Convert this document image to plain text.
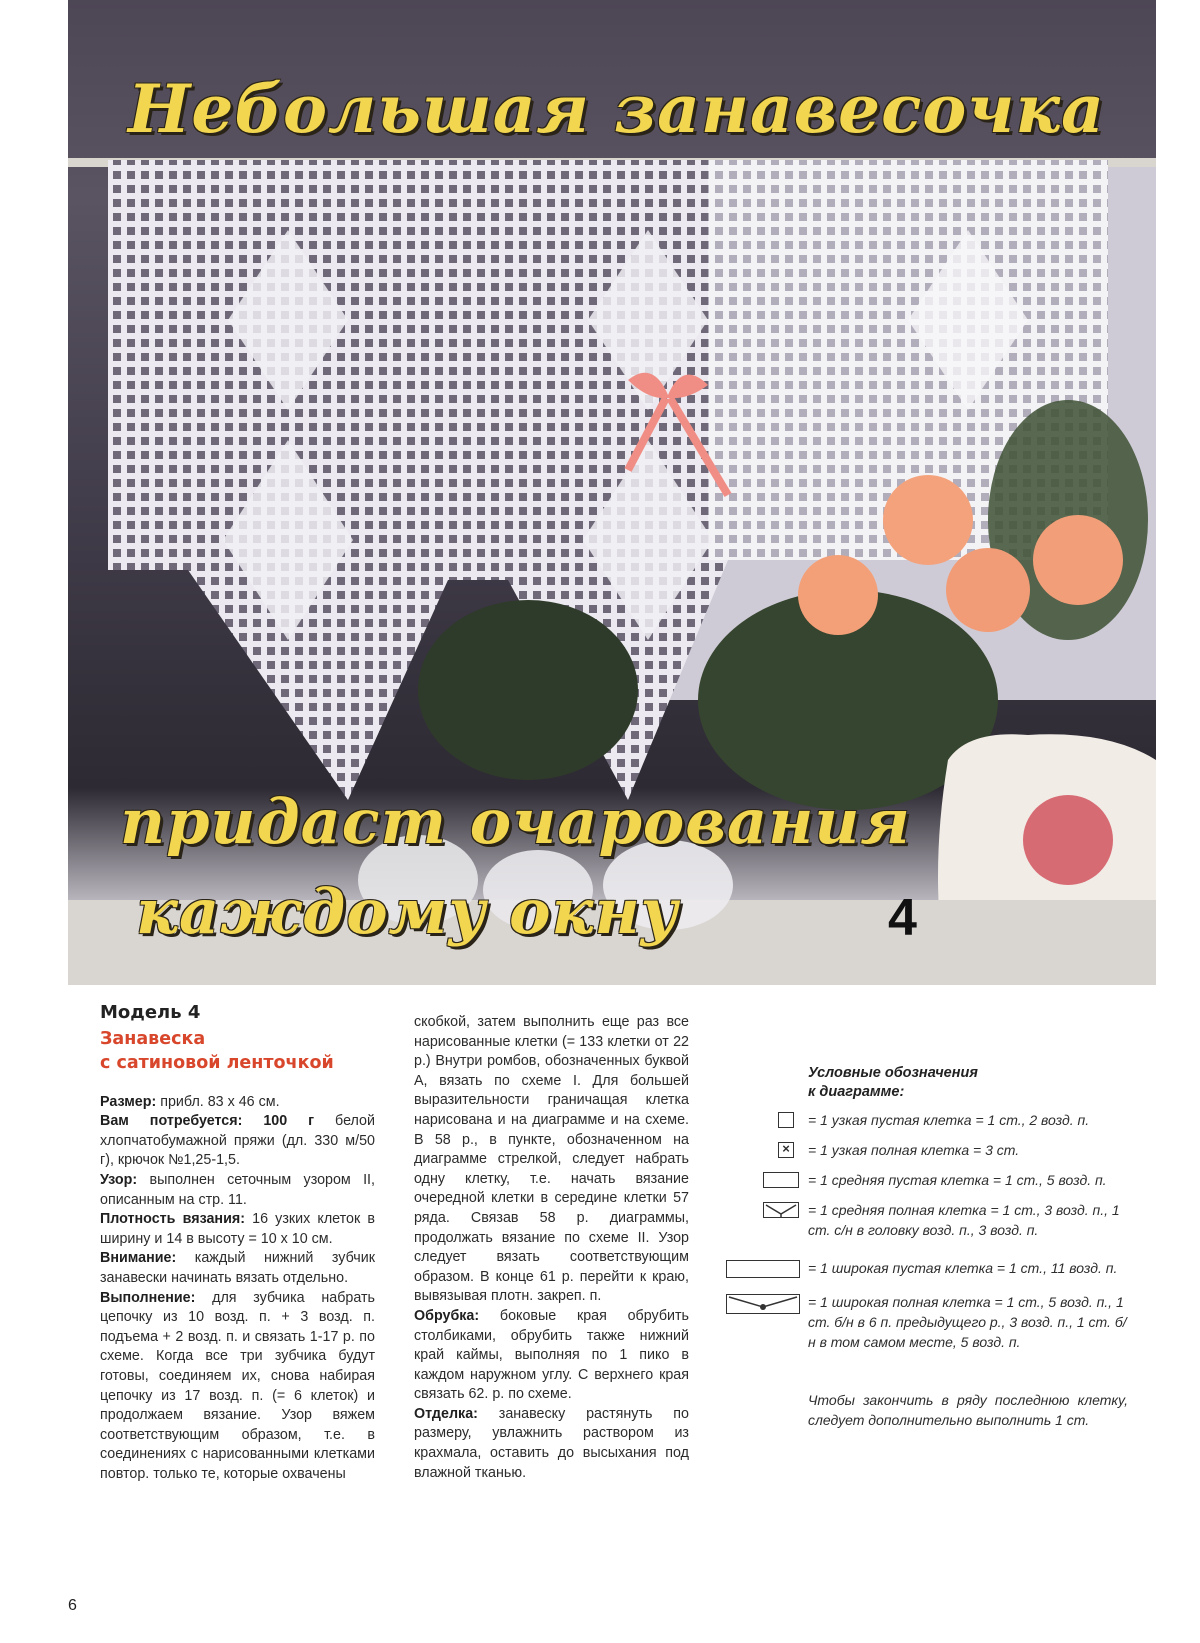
Небольшая занавесочка
придаст очарования
каждому окну	4
Модель 4
Занавеска
с сатиновой ленточкой

Размер: прибл. 83 x 46 см.

Вам потребуется: 100 г белой хлопчатобумажной пряжи (дл. 330 м/50 г), крючок №1,25-1,5.

Узор: выполнен сеточным узором II, описанным на стр. 11.

Плотность вязания: 16 узких клеток в ширину и 14 в высоту = 10 x 10 см.

Внимание: каждый нижний зубчик занавески начинать вязать отдельно.

Выполнение: для зубчика набрать цепочку из 10 возд. п. + 3 возд. п. подъема + 2 возд. п. и связать 1-17 р. по схеме. Когда все три зубчика будут готовы, соединяем их, снова набирая цепочку из 17 возд. п. (= 6 клеток) и продолжаем вязание. Узор вяжем соответствующим образом, т.е. в соединениях с нарисованными клетками повтор. только те, которые охвачены

скобкой, затем выполнить еще раз все нарисованные клетки (= 133 клетки от 22 р.) Внутри ромбов, обозначенных буквой А, вязать по схеме I. Для большей выразительности граничащая клетка нарисована и на диаграмме и на схеме. В 58 р., в пункте, обозначенном на диаграмме стрелкой, следует набрать одну клетку, т.е. начать вязание очередной клетки в середине клетки 57 ряда. Связав 58 р. диаграммы, продолжать вязание по схеме II. Узор следует вязать соответствующим образом. В конце 61 р. перейти к краю, вывязывая плотн. закреп. п.

Обрубка: боковые края обрубить столбиками, обрубить также нижний край каймы, выполняя по 1 пико в каждом наружном углу. С верхнего края связать 62. р. по схеме.

Отделка: занавеску растянуть по размеру, увлажнить раствором из крахмала, оставить до высыхания под влажной тканью.

Условные обозначения
к диаграмме:
= 1 узкая пустая клетка = 1 ст., 2 возд. п.
×	= 1 узкая полная клетка = 3 ст.
= 1 средняя пустая клетка = 1 ст., 5 возд. п.
= 1 средняя полная клетка = 1 ст., 3 возд. п., 1 ст. с/н в головку возд. п., 3 возд. п.
= 1 широкая пустая клетка = 1 ст., 11 возд. п.
= 1 широкая полная клетка = 1 ст., 5 возд. п., 1 ст. б/н в 6 п. предыдущего р., 3 возд. п., 1 ст. б/н в том самом месте, 5 возд. п.
Чтобы закончить в ряду последнюю клетку, следует дополнительно выполнить 1 ст.
6
